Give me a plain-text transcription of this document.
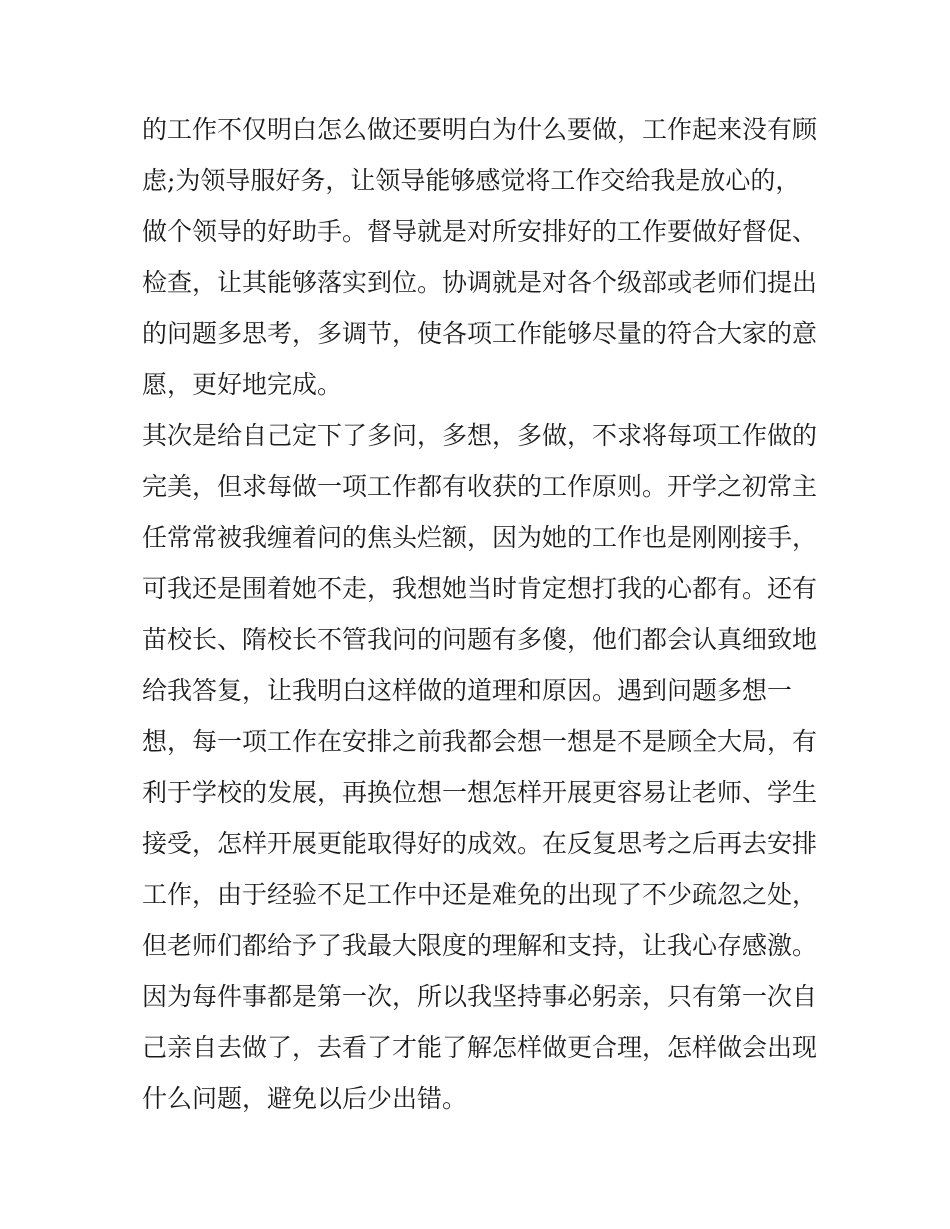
的工作不仅明白怎么做还要明白为什么要做，工作起来没有顾
虑;为领导服好务，让领导能够感觉将工作交给我是放心的，
做个领导的好助手。督导就是对所安排好的工作要做好督促、
检查，让其能够落实到位。协调就是对各个级部或老师们提出
的问题多思考，多调节，使各项工作能够尽量的符合大家的意
愿，更好地完成。
其次是给自己定下了多问，多想，多做，不求将每项工作做的
完美，但求每做一项工作都有收获的工作原则。开学之初常主
任常常被我缠着问的焦头烂额，因为她的工作也是刚刚接手，
可我还是围着她不走，我想她当时肯定想打我的心都有。还有
苗校长、隋校长不管我问的问题有多傻，他们都会认真细致地
给我答复，让我明白这样做的道理和原因。遇到问题多想一
想，每一项工作在安排之前我都会想一想是不是顾全大局，有
利于学校的发展，再换位想一想怎样开展更容易让老师、学生
接受，怎样开展更能取得好的成效。在反复思考之后再去安排
工作，由于经验不足工作中还是难免的出现了不少疏忽之处，
但老师们都给予了我最大限度的理解和支持，让我心存感激。
因为每件事都是第一次，所以我坚持事必躬亲，只有第一次自
己亲自去做了，去看了才能了解怎样做更合理，怎样做会出现
什么问题，避免以后少出错。
